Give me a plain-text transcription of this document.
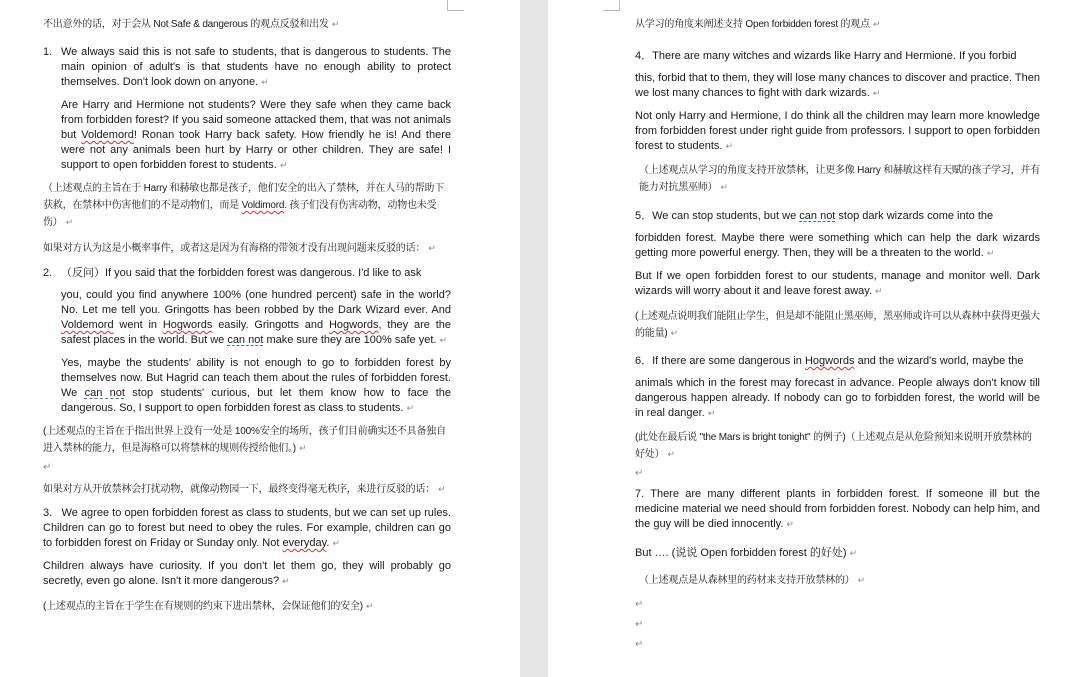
不出意外的话，对于会从 Not Safe & dangerous 的观点反驳和出发 ↵

1. We always said this is not safe to students, that is dangerous to students. The main opinion of adult's is that students have no enough ability to protect themselves. Don't look down on anyone. ↵

Are Harry and Hermione not students? Were they safe when they came back from forbidden forest? If you said someone attacked them, that was not animals but Voldemord! Ronan took Harry back safety. How friendly he is! And there were not any animals been hurt by Harry or other children. They are safe! I support to open forbidden forest to students. ↵

（上述观点的主旨在于 Harry 和赫敏也都是孩子，他们安全的出入了禁林，并在人马的帮助下获救，在禁林中伤害他们的不是动物们，而是 Voldimord. 孩子们没有伤害动物，动物也未受伤） ↵

如果对方认为这是小概率事件，或者这是因为有海格的带领才没有出现问题来反驳的话： ↵

2. （反问）If you said that the forbidden forest was dangerous. I'd like to ask

you, could you find anywhere 100% (one hundred percent) safe in the world? No. Let me tell you. Gringotts has been robbed by the Dark Wizard ever. And Voldemord went in Hogwords easily. Gringotts and Hogwords, they are the safest places in the world. But we can not make sure they are 100% safe yet. ↵

Yes, maybe the students' ability is not enough to go to forbidden forest by themselves now. But Hagrid can teach them about the rules of forbidden forest. We can not stop students' curious, but let them know how to face the dangerous. So, I support to open forbidden forest as class to students. ↵

(上述观点的主旨在于指出世界上没有一处是 100%安全的场所，孩子们目前确实还不具备独自进入禁林的能力，但是海格可以将禁林的规则传授给他们。) ↵

↵

如果对方从开放禁林会打扰动物，就像动物园一下，最终变得毫无秩序，来进行反驳的话： ↵

3. We agree to open forbidden forest as class to students, but we can set up rules. Children can go to forest but need to obey the rules. For example, children can go to forbidden forest on Friday or Sunday only. Not everyday. ↵

Children always have curiosity. If you don't let them go, they will probably go secretly, even go alone. Isn't it more dangerous? ↵

(上述观点的主旨在于学生在有规则的约束下进出禁林，会保证他们的安全) ↵

从学习的角度来阐述支持 Open forbidden forest 的观点 ↵

4．There are many witches and wizards like Harry and Hermione. If you forbid

this, forbid that to them, they will lose many chances to discover and practice. Then we lost many chances to fight with dark wizards. ↵

Not only Harry and Hermione, I do think all the children may learn more knowledge from forbidden forest under right guide from professors. I support to open forbidden forest to students. ↵

（上述观点从学习的角度支持开放禁林，让更多像 Harry 和赫敏这样有天赋的孩子学习，并有能力对抗黑巫师） ↵

5．We can stop students, but we can not stop dark wizards come into the

forbidden forest. Maybe there were something which can help the dark wizards getting more powerful energy. Then, they will be a threaten to the world. ↵

But If we open forbidden forest to our students, manage and monitor well. Dark wizards will worry about it and leave forest away. ↵

(上述观点说明我们能阻止学生，但是却不能阻止黑巫师，黑巫师或许可以从森林中获得更强大的能量) ↵

6．If there are some dangerous in Hogwords and the wizard's world, maybe the

animals which in the forest may forecast in advance. People always don't know till dangerous happen already. If nobody can go to forbidden forest, the world will be in real danger. ↵

(此处在最后说 "the Mars is bright tonight" 的例子)（上述观点是从危险预知来说明开放禁林的好处） ↵

↵

7. There are many different plants in forbidden forest. If someone ill but the medicine material we need should from forbidden forest. Nobody can help him, and the guy will be died innocently. ↵

But …. (说说 Open forbidden forest 的好处) ↵

（上述观点是从森林里的药材来支持开放禁林的） ↵

↵

↵

↵
